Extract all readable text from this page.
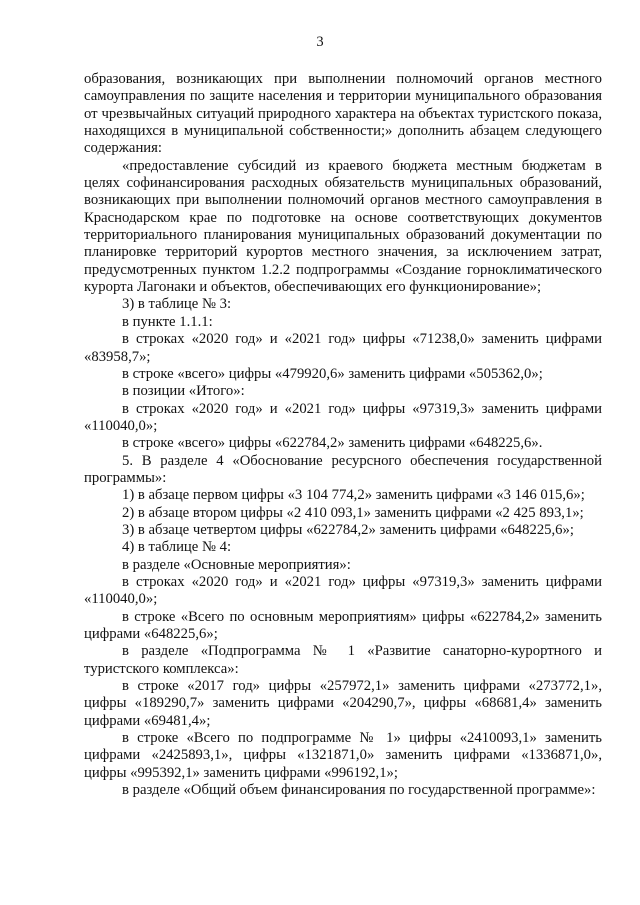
3

образования, возникающих при выполнении полномочий органов местного самоуправления по защите населения и территории муниципального образования от чрезвычайных ситуаций природного характера на объектах туристского показа, находящихся в муниципальной собственности;» дополнить абзацем следующего содержания:

«предоставление субсидий из краевого бюджета местным бюджетам в целях софинансирования расходных обязательств муниципальных образований, возникающих при выполнении полномочий органов местного самоуправления в Краснодарском крае по подготовке на основе соответствующих документов территориального планирования муниципальных образований документации по планировке территорий курортов местного значения, за исключением затрат, предусмотренных пунктом 1.2.2 подпрограммы «Создание горноклиматического курорта Лагонаки и объектов, обеспечивающих его функционирование»;

3) в таблице № 3:

в пункте 1.1.1:

в строках «2020 год» и «2021 год» цифры «71238,0» заменить цифрами «83958,7»;

в строке «всего» цифры «479920,6» заменить цифрами «505362,0»;

в позиции «Итого»:

в строках «2020 год» и «2021 год» цифры «97319,3» заменить цифрами «110040,0»;

в строке «всего» цифры «622784,2» заменить цифрами «648225,6».

5. В разделе 4 «Обоснование ресурсного обеспечения государственной программы»:

1) в абзаце первом цифры «3 104 774,2» заменить цифрами «3 146 015,6»;

2) в абзаце втором цифры «2 410 093,1» заменить цифрами «2 425 893,1»;

3) в абзаце четвертом цифры «622784,2» заменить цифрами «648225,6»;

4) в таблице № 4:

в разделе «Основные мероприятия»:

в строках «2020 год» и «2021 год» цифры «97319,3» заменить цифрами «110040,0»;

в строке «Всего по основным мероприятиям» цифры «622784,2» заменить цифрами «648225,6»;

в разделе «Подпрограмма № 1 «Развитие санаторно-курортного и туристского комплекса»:

в строке «2017 год» цифры «257972,1» заменить цифрами «273772,1», цифры «189290,7» заменить цифрами «204290,7», цифры «68681,4» заменить цифрами «69481,4»;

в строке «Всего по подпрограмме № 1» цифры «2410093,1» заменить цифрами «2425893,1», цифры «1321871,0» заменить цифрами «1336871,0», цифры «995392,1» заменить цифрами «996192,1»;

в разделе «Общий объем финансирования по государственной программе»:
